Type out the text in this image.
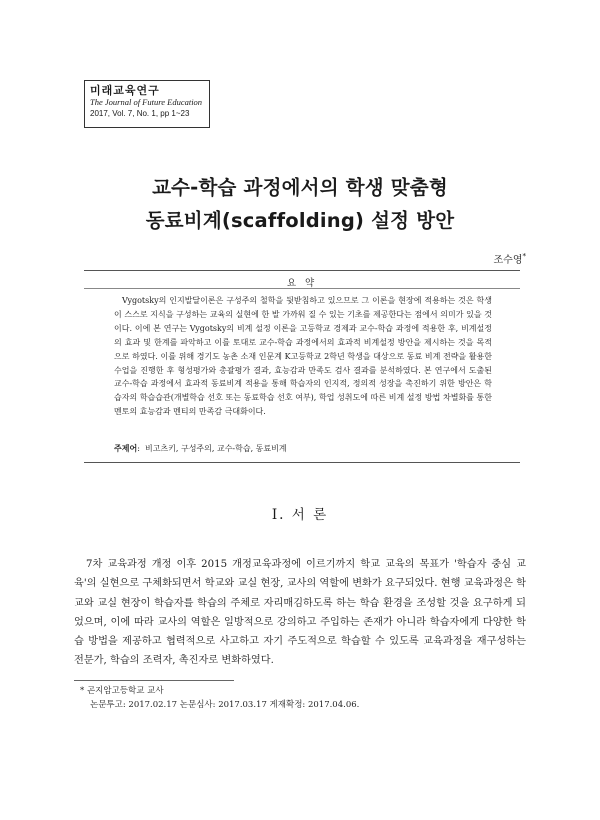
미래교육연구
The Journal of Future Education
2017, Vol. 7, No. 1, pp 1~23
교수-학습 과정에서의 학생 맞춤형
동료비계(scaffolding) 설정 방안
조수영*
요 약

Vygotsky의 인지발달이론은 구성주의 철학을 뒷받침하고 있으므로 그 이론을 현장에 적용하는 것은 학생이 스스로 지식을 구성하는 교육의 실현에 한 발 가까워 질 수 있는 기초를 제공한다는 점에서 의미가 있을 것이다. 이에 본 연구는 Vygotsky의 비계 설정 이론을 고등학교 경제과 교수-학습 과정에 적용한 후, 비계설정의 효과 및 한계를 파악하고 이를 토대로 교수-학습 과정에서의 효과적 비계설정 방안을 제시하는 것을 목적으로 하였다. 이를 위해 경기도 농촌 소재 인문계 K고등학교 2학년 학생을 대상으로 동료 비계 전략을 활용한 수업을 진행한 후 형성평가와 총괄평가 결과, 효능감과 만족도 검사 결과를 분석하였다. 본 연구에서 도출된 교수-학습 과정에서 효과적 동료비계 적용을 통해 학습자의 인지적, 정의적 성장을 촉진하기 위한 방안은 학습자의 학습습관(개별학습 선호 또는 동료학습 선호 여부), 학업 성취도에 따른 비계 설정 방법 차별화를 통한 멘토의 효능감과 멘티의 만족감 극대화이다.

주제어:  비고츠키, 구성주의, 교수-학습, 동료비계
I. 서 론

7차 교육과정 개정 이후 2015 개정교육과정에 이르기까지 학교 교육의 목표가 '학습자 중심 교육'의 실현으로 구체화되면서 학교와 교실 현장, 교사의 역할에 변화가 요구되었다. 현행 교육과정은 학교와 교실 현장이 학습자를 학습의 주체로 자리매김하도록 하는 학습 환경을 조성할 것을 요구하게 되었으며, 이에 따라 교사의 역할은 일방적으로 강의하고 주입하는 존재가 아니라 학습자에게 다양한 학습 방법을 제공하고 협력적으로 사고하고 자기 주도적으로 학습할 수 있도록 교육과정을 재구성하는 전문가, 학습의 조력자, 촉진자로 변화하였다.

* 곤지암고등학교 교사
논문투고: 2017.02.17 논문심사: 2017.03.17 게재확정: 2017.04.06.
